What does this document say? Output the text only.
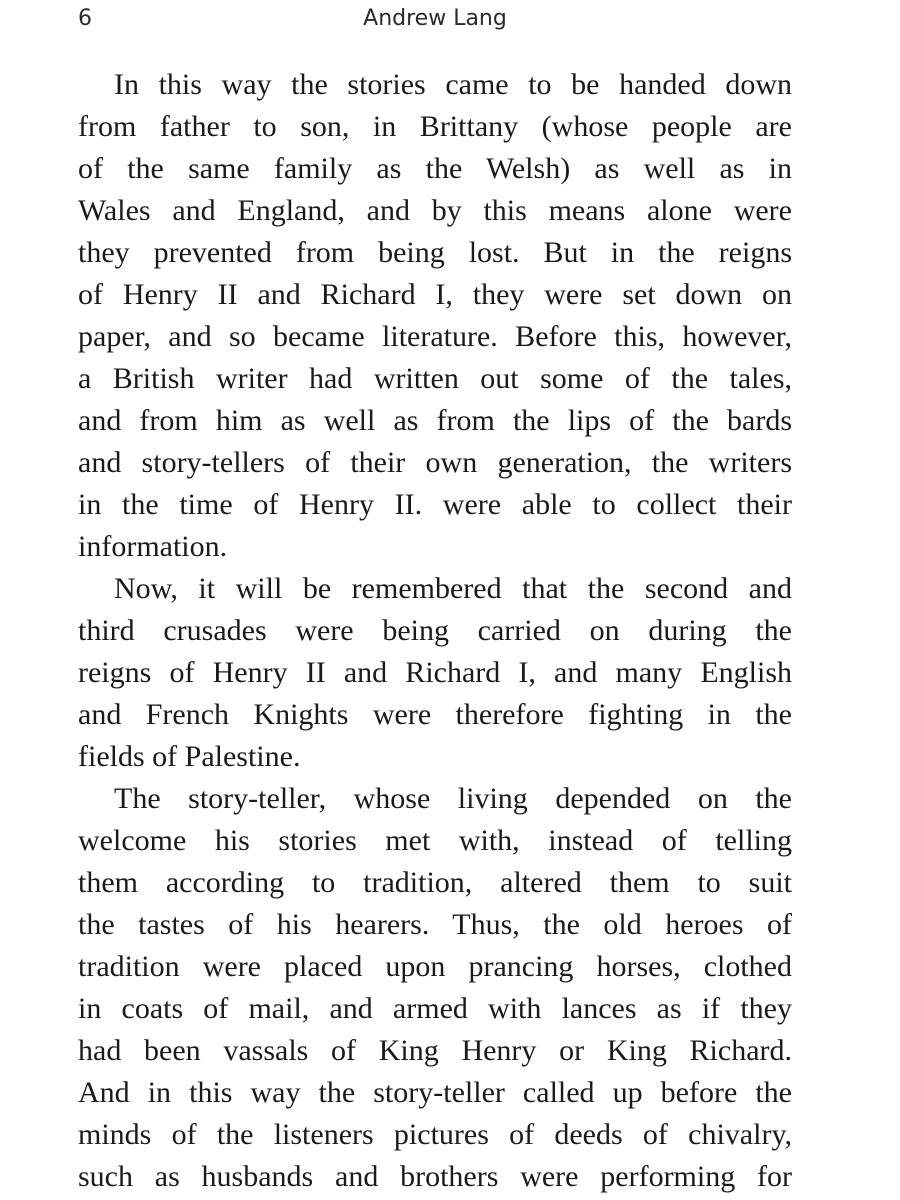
6	Andrew Lang

In this way the stories came to be handed down
from father to son, in Brittany (whose people are
of the same family as the Welsh) as well as in
Wales and England, and by this means alone were
they prevented from being lost. But in the reigns
of Henry II and Richard I, they were set down on
paper, and so became literature. Before this, however,
a British writer had written out some of the tales,
and from him as well as from the lips of the bards
and story-tellers of their own generation, the writers
in the time of Henry II. were able to collect their
information.

Now, it will be remembered that the second and
third crusades were being carried on during the
reigns of Henry II and Richard I, and many English
and French Knights were therefore fighting in the
fields of Palestine.

The story-teller, whose living depended on the
welcome his stories met with, instead of telling
them according to tradition, altered them to suit
the tastes of his hearers. Thus, the old heroes of
tradition were placed upon prancing horses, clothed
in coats of mail, and armed with lances as if they
had been vassals of King Henry or King Richard.
And in this way the story-teller called up before the
minds of the listeners pictures of deeds of chivalry,
such as husbands and brothers were performing for
